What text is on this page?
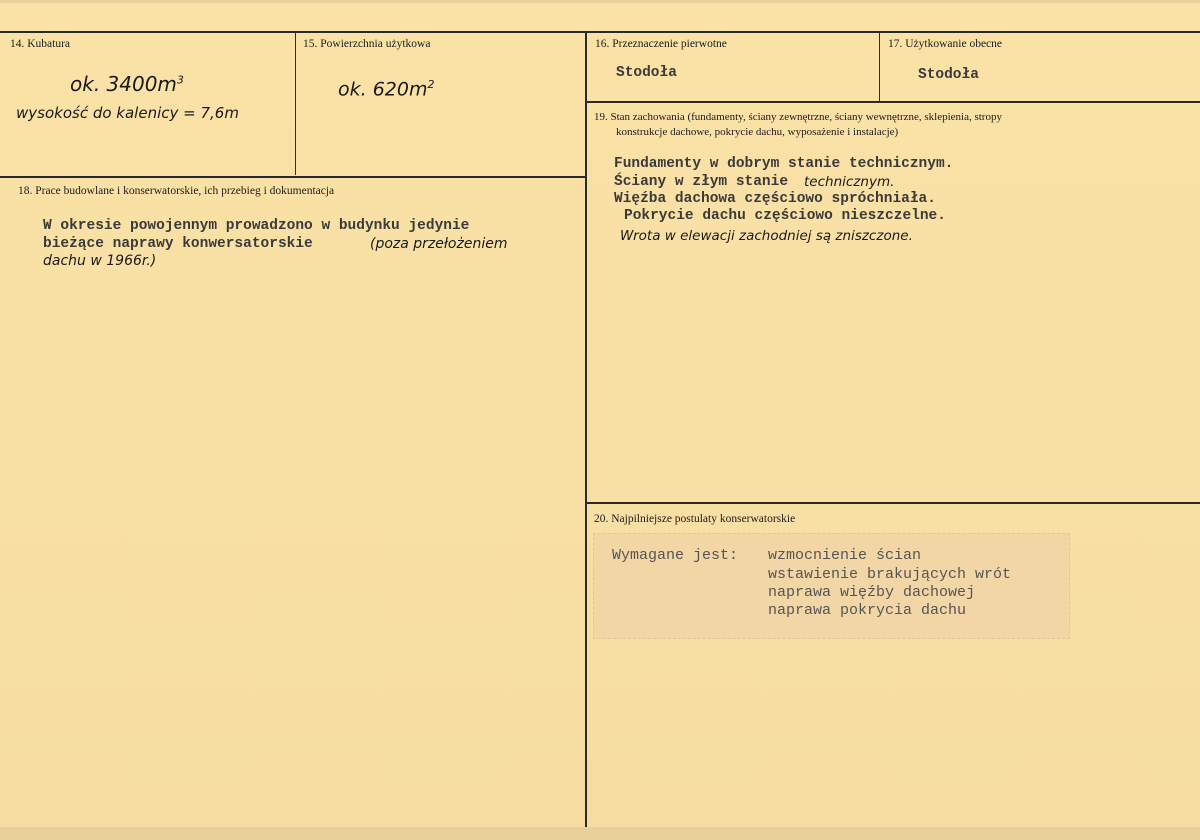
14. Kubatura
ok. $3400m^3$
wysokość do kalenicy = 7,6m
15. Powierzchnia użytkowa
ok. $620m^2$
16. Przeznaczenie pierwotne
Stodoła
17. Użytkowanie obecne
Stodoła
18. Prace budowlane i konserwatorskie, ich przebieg i dokumentacja
W okresie powojennym prowadzono w budynku jedynie
bieżące naprawy konwersatorskie	(poza przełożeniem
dachu w 1966r.)
19. Stan zachowania (fundamenty, ściany zewnętrzne, ściany wewnętrzne, sklepienia, stropy
konstrukcje dachowe, pokrycie dachu, wyposażenie i instalacje)
Fundamenty w dobrym stanie technicznym.
Ściany w złym stanie technicznym.
Więźba dachowa częściowo spróchniała.
Pokrycie dachu częściowo nieszczelne.
Wrota w elewacji zachodniej są zniszczone.
20. Najpilniejsze postulaty konserwatorskie
Wymagane jest: wzmocnienie ścian
wstawienie brakujących wrót
naprawa więźby dachowej
naprawa pokrycia dachu
